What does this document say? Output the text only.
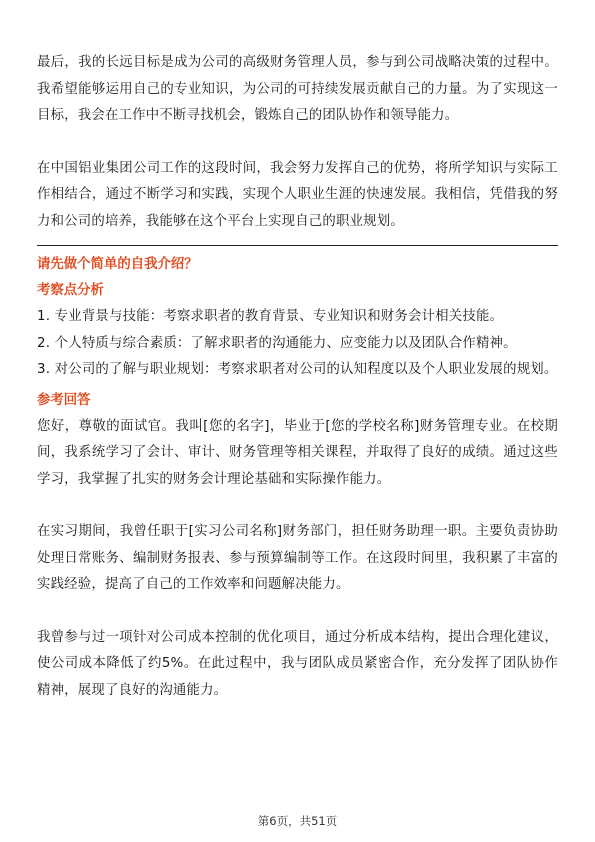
最后，我的长远目标是成为公司的高级财务管理人员，参与到公司战略决策的过程中。我希望能够运用自己的专业知识，为公司的可持续发展贡献自己的力量。为了实现这一目标，我会在工作中不断寻找机会，锻炼自己的团队协作和领导能力。

在中国铝业集团公司工作的这段时间，我会努力发挥自己的优势，将所学知识与实际工作相结合，通过不断学习和实践，实现个人职业生涯的快速发展。我相信，凭借我的努力和公司的培养，我能够在这个平台上实现自己的职业规划。

请先做个简单的自我介绍？
考察点分析
1. 专业背景与技能：考察求职者的教育背景、专业知识和财务会计相关技能。
2. 个人特质与综合素质：了解求职者的沟通能力、应变能力以及团队合作精神。
3. 对公司的了解与职业规划：考察求职者对公司的认知程度以及个人职业发展的规划。
参考回答

您好，尊敬的面试官。我叫[您的名字]，毕业于[您的学校名称]财务管理专业。在校期间，我系统学习了会计、审计、财务管理等相关课程，并取得了良好的成绩。通过这些学习，我掌握了扎实的财务会计理论基础和实际操作能力。

在实习期间，我曾任职于[实习公司名称]财务部门，担任财务助理一职。主要负责协助处理日常账务、编制财务报表、参与预算编制等工作。在这段时间里，我积累了丰富的实践经验，提高了自己的工作效率和问题解决能力。

我曾参与过一项针对公司成本控制的优化项目，通过分析成本结构，提出合理化建议，使公司成本降低了约5%。在此过程中，我与团队成员紧密合作，充分发挥了团队协作精神，展现了良好的沟通能力。

第6页，共51页
